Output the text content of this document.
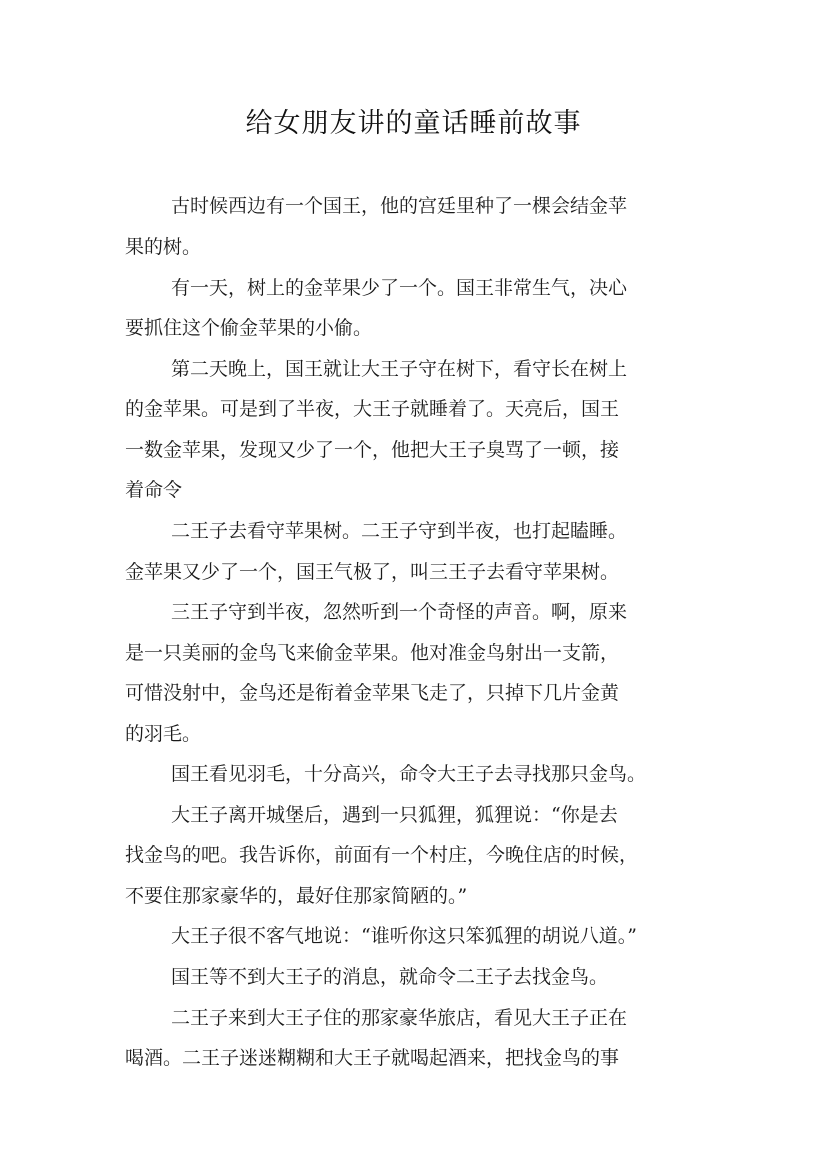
给女朋友讲的童话睡前故事
古时候西边有一个国王，他的宫廷里种了一棵会结金苹
果的树。
有一天，树上的金苹果少了一个。国王非常生气，决心
要抓住这个偷金苹果的小偷。
第二天晚上，国王就让大王子守在树下，看守长在树上
的金苹果。可是到了半夜，大王子就睡着了。天亮后，国王
一数金苹果，发现又少了一个，他把大王子臭骂了一顿，接
着命令
二王子去看守苹果树。二王子守到半夜，也打起瞌睡。
金苹果又少了一个，国王气极了，叫三王子去看守苹果树。
三王子守到半夜，忽然听到一个奇怪的声音。啊，原来
是一只美丽的金鸟飞来偷金苹果。他对准金鸟射出一支箭，
可惜没射中，金鸟还是衔着金苹果飞走了，只掉下几片金黄
的羽毛。
国王看见羽毛，十分高兴，命令大王子去寻找那只金鸟。
大王子离开城堡后，遇到一只狐狸，狐狸说：“你是去
找金鸟的吧。我告诉你，前面有一个村庄，今晚住店的时候，
不要住那家豪华的，最好住那家简陋的。”
大王子很不客气地说：“谁听你这只笨狐狸的胡说八道。”
国王等不到大王子的消息，就命令二王子去找金鸟。
二王子来到大王子住的那家豪华旅店，看见大王子正在
喝酒。二王子迷迷糊糊和大王子就喝起酒来，把找金鸟的事
